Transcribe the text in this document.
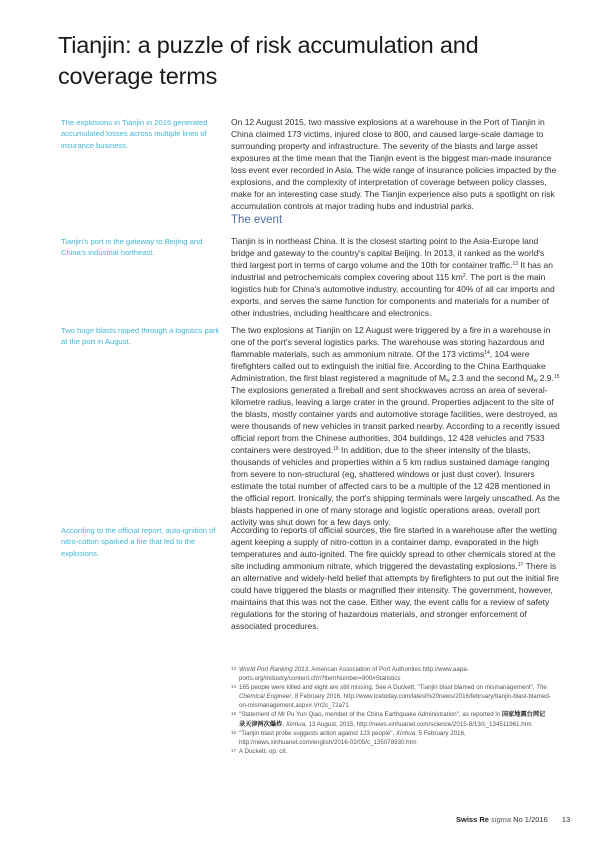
Tianjin: a puzzle of risk accumulation and coverage terms
The explosions in Tianjin in 2015 generated accumulated losses across multiple lines of insurance business.

On 12 August 2015, two massive explosions at a warehouse in the Port of Tianjin in China claimed 173 victims, injured close to 800, and caused large-scale damage to surrounding property and infrastructure. The severity of the blasts and large asset exposures at the time mean that the Tianjin event is the biggest man-made insurance loss event ever recorded in Asia. The wide range of insurance policies impacted by the explosions, and the complexity of interpretation of coverage between policy classes, make for an interesting case study. The Tianjin experience also puts a spotlight on risk accumulation controls at major trading hubs and industrial parks.

The event
Tianjin's port is the gateway to Beijing and China's industrial northeast.

Tianjin is in northeast China. It is the closest starting point to the Asia-Europe land bridge and gateway to the country's capital Beijing. In 2013, it ranked as the world's third largest port in terms of cargo volume and the 10th for container traffic.$^{13}$ It has an industrial and petrochemicals complex covering about 115 $km^2$. The port is the main logistics hub for China's automotive industry, accounting for 40% of all car imports and exports, and serves the same function for components and materials for a number of other industries, including healthcare and electronics.

Two huge blasts ripped through a logistics park at the port in August.

The two explosions at Tianjin on 12 August were triggered by a fire in a warehouse in one of the port's several logistics parks. The warehouse was storing hazardous and flammable materials, such as ammonium nitrate. Of the 173 victims$^{14}$, 104 were firefighters called out to extinguish the initial fire. According to the China Earthquake Administration, the first blast registered a magnitude of $M_w$ 2.3 and the second $M_w$ 2.9.15 The explosions generated a fireball and sent shockwaves across an area of several-kilometre radius, leaving a large crater in the ground. Properties adjacent to the site of the blasts, mostly container yards and automotive storage facilities, were destroyed, as were thousands of new vehicles in transit parked nearby. According to a recently issued official report from the Chinese authorities, 304 buildings, 12 428 vehicles and 7533 containers were destroyed.$^{16}$ In addition, due to the sheer intensity of the blasts, thousands of vehicles and properties within a 5 km radius sustained damage ranging from severe to non-structural (eg, shattered windows or just dust cover). Insurers estimate the total number of affected cars to be a multiple of the 12 428 mentioned in the official report. Ironically, the port's shipping terminals were largely unscathed. As the blasts happened in one of many storage and logistic operations areas, overall port activity was shut down for a few days only.

According to the official report, auto-ignition of nitro-cotton sparked a fire that led to the explosions.

According to reports of official sources, the fire started in a warehouse after the wetting agent keeping a supply of nitro-cotton in a container damp, evaporated in the high temperatures and auto-ignited. The fire quickly spread to other chemicals stored at the site including ammonium nitrate, which triggered the devastating explosions.$^{17}$ There is an alternative and widely-held belief that attempts by firefighters to put out the initial fire could have triggered the blasts or magnified their intensity. The government, however, maintains that this was not the case. Either way, the event calls for a review of safety regulations for the storing of hazardous materials, and stronger enforcement of associated procedures.

13 World Port Ranking 2013, American Association of Port Authorities http://www.aapa-ports.org/Industry/content.cfm?ItemNumber=900#Statistics
14 165 people were killed and eight are still missing. See A Duckett, "Tianjin blast blamed on mismanagement", The Chemical Engineer, 8 February 2016, http://www.tcetoday.com/latest%20news/2016/february/tianjin-blast-blamed-on-mismanagement.aspx#.Vrr2c_72a71
15 "Statement of Mr Pu Yun Qiao, member of the China Earthquake Administration", as reported in 国家地震台网记录天津两次爆炸, Xinhua, 13 August, 2015, http://news.xinhuanet.com/science/2015-8/13/c_134511961.htm
16 "Tianjin blast probe suggests action against 123 people", Xinhua, 5 February 2016, http://news.xinhuanet.com/english/2016-02/05/c_135078930.htm
17 A Duckett, op. cit.
Swiss Re sigma No 1/2016 13
